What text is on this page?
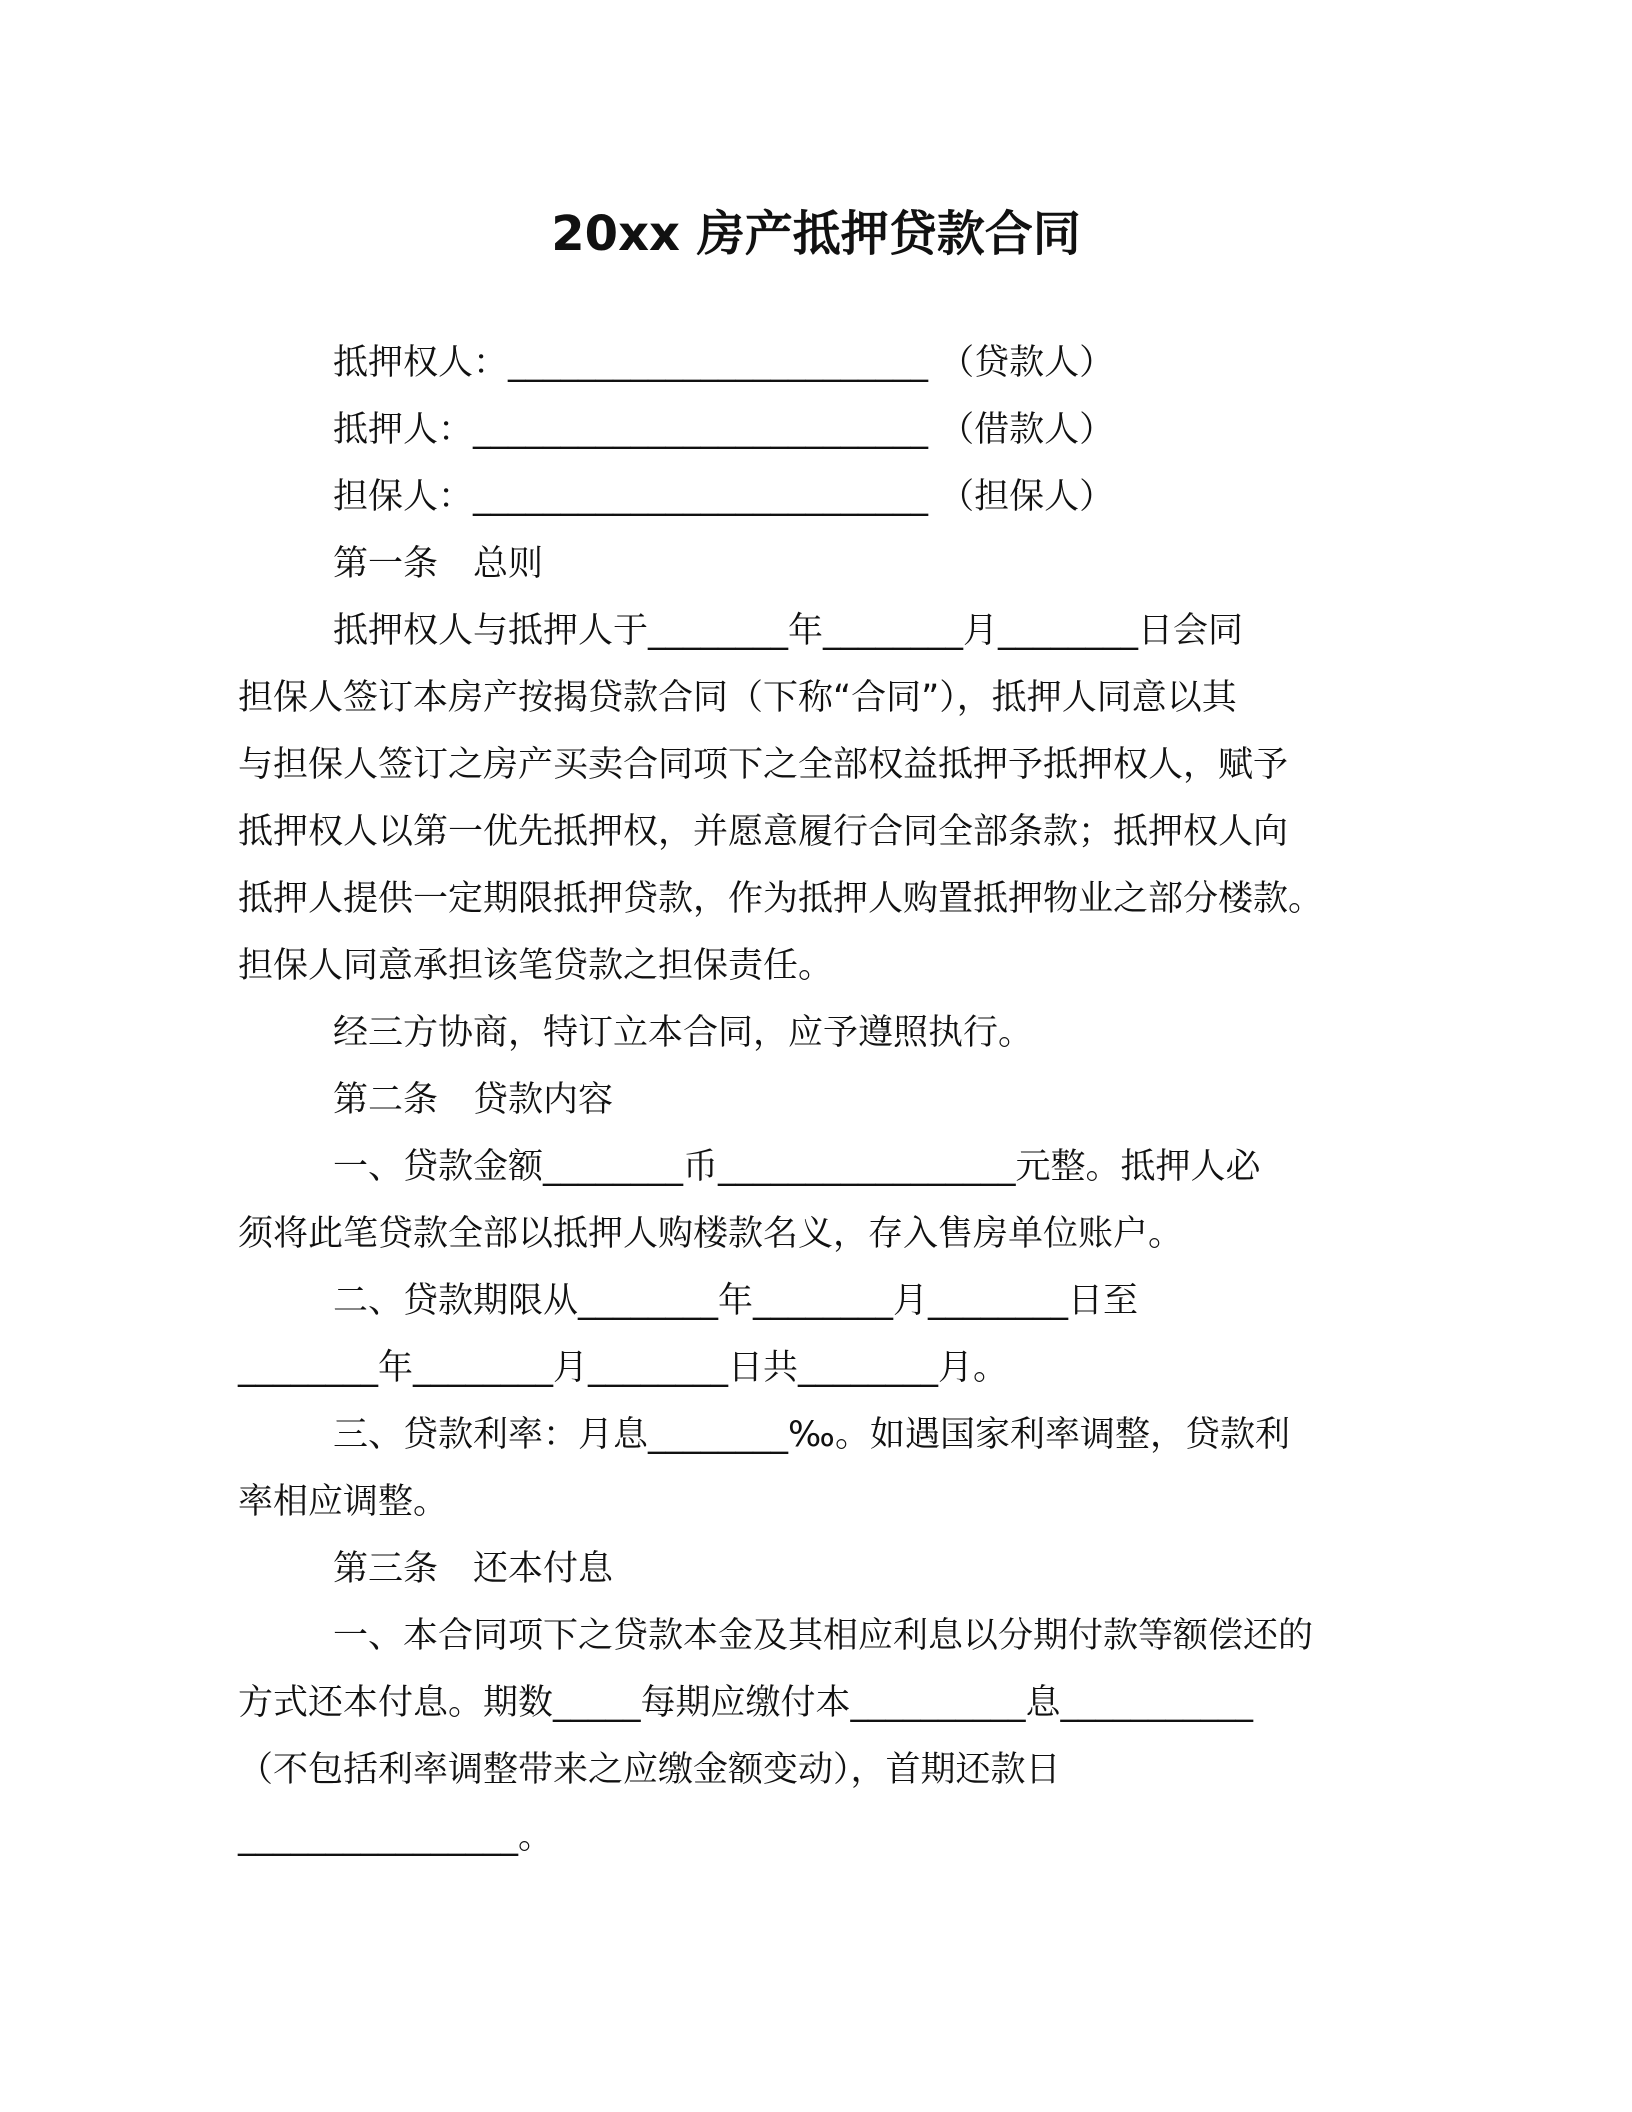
20xx 房产抵押贷款合同
抵押权人：________________________ （贷款人）
抵押人：__________________________ （借款人）
担保人：__________________________ （担保人）
第一条　总则
抵押权人与抵押人于________年________月________日会同
担保人签订本房产按揭贷款合同（下称“合同”），抵押人同意以其
与担保人签订之房产买卖合同项下之全部权益抵押予抵押权人，赋予
抵押权人以第一优先抵押权，并愿意履行合同全部条款；抵押权人向
抵押人提供一定期限抵押贷款，作为抵押人购置抵押物业之部分楼款。
担保人同意承担该笔贷款之担保责任。
经三方协商，特订立本合同，应予遵照执行。
第二条　贷款内容
一、贷款金额________币_________________元整。抵押人必
须将此笔贷款全部以抵押人购楼款名义，存入售房单位账户。
二、贷款期限从________年________月________日至
________年________月________日共________月。
三、贷款利率：月息________‰。如遇国家利率调整，贷款利
率相应调整。
第三条　还本付息
一、本合同项下之贷款本金及其相应利息以分期付款等额偿还的
方式还本付息。期数_____每期应缴付本__________息___________
（不包括利率调整带来之应缴金额变动），首期还款日
________________。
